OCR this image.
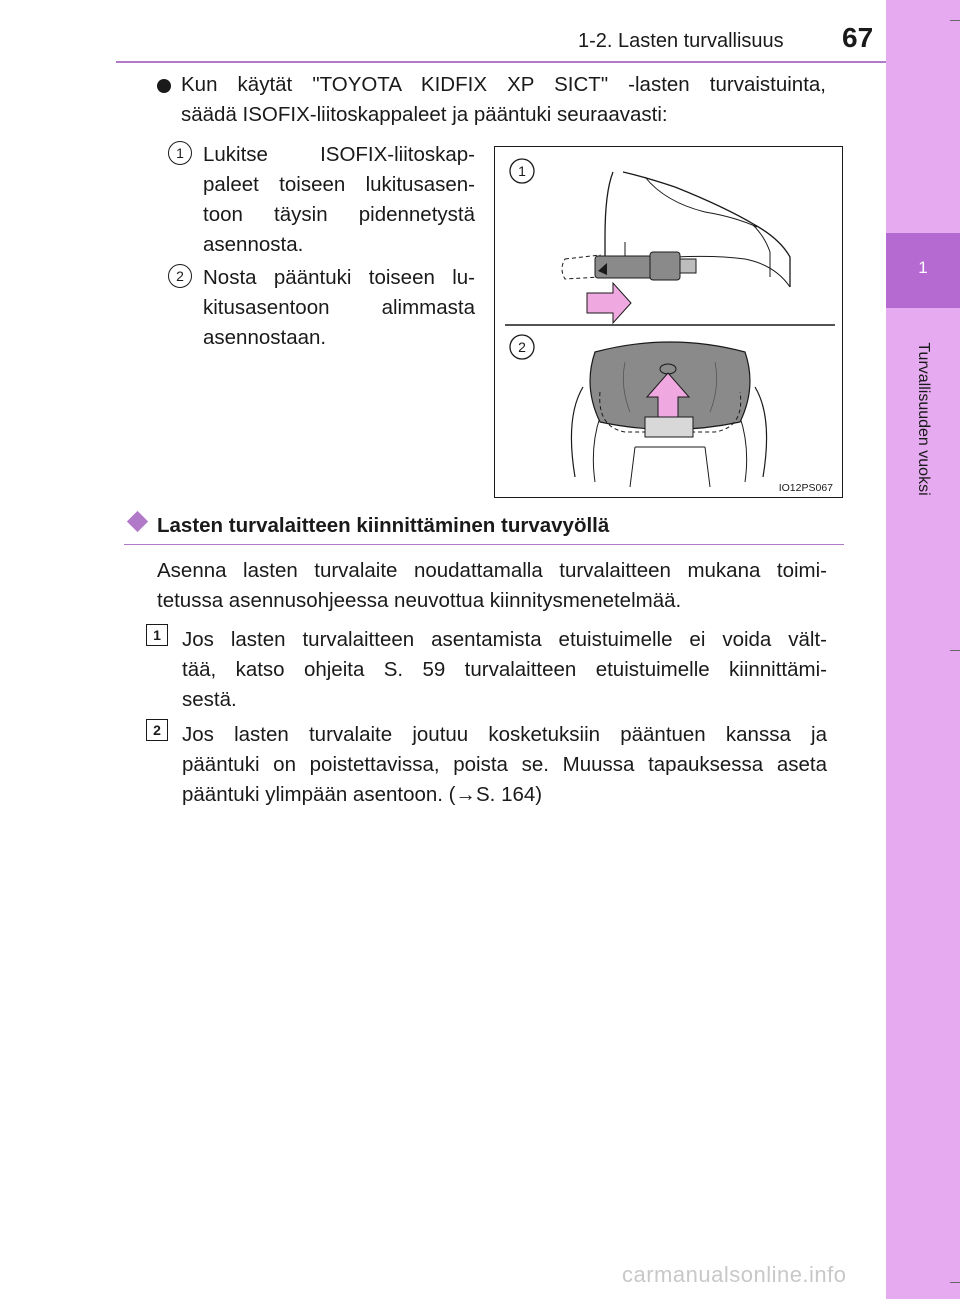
1-2. Lasten turvallisuus 67
1
Turvallisuuden vuoksi
Kun käytät "TOYOTA KIDFIX XP SICT" -lasten turvaistuinta,
säädä ISOFIX-liitoskappaleet ja pääntuki seuraavasti:
1 Lukitse ISOFIX-liitoskap-
paleet toiseen lukitusasen-
toon täysin pidennetystä
asennosta.
2 Nosta pääntuki toiseen lu-
kitusasentoon alimmasta
asennostaan.
1
2
IO12PS067
Lasten turvalaitteen kiinnittäminen turvavyöllä
Asenna lasten turvalaite noudattamalla turvalaitteen mukana toimi-
tetussa asennusohjeessa neuvottua kiinnitysmenetelmää.
1	Jos lasten turvalaitteen asentamista etuistuimelle ei voida vält-
tää, katso ohjeita S. 59 turvalaitteen etuistuimelle kiinnittämi-
sestä.
2	Jos lasten turvalaite joutuu kosketuksiin pääntuen kanssa ja
pääntuki on poistettavissa, poista se. Muussa tapauksessa aseta
pääntuki ylimpään asentoon. (→S. 164)
carmanualsonline.info
